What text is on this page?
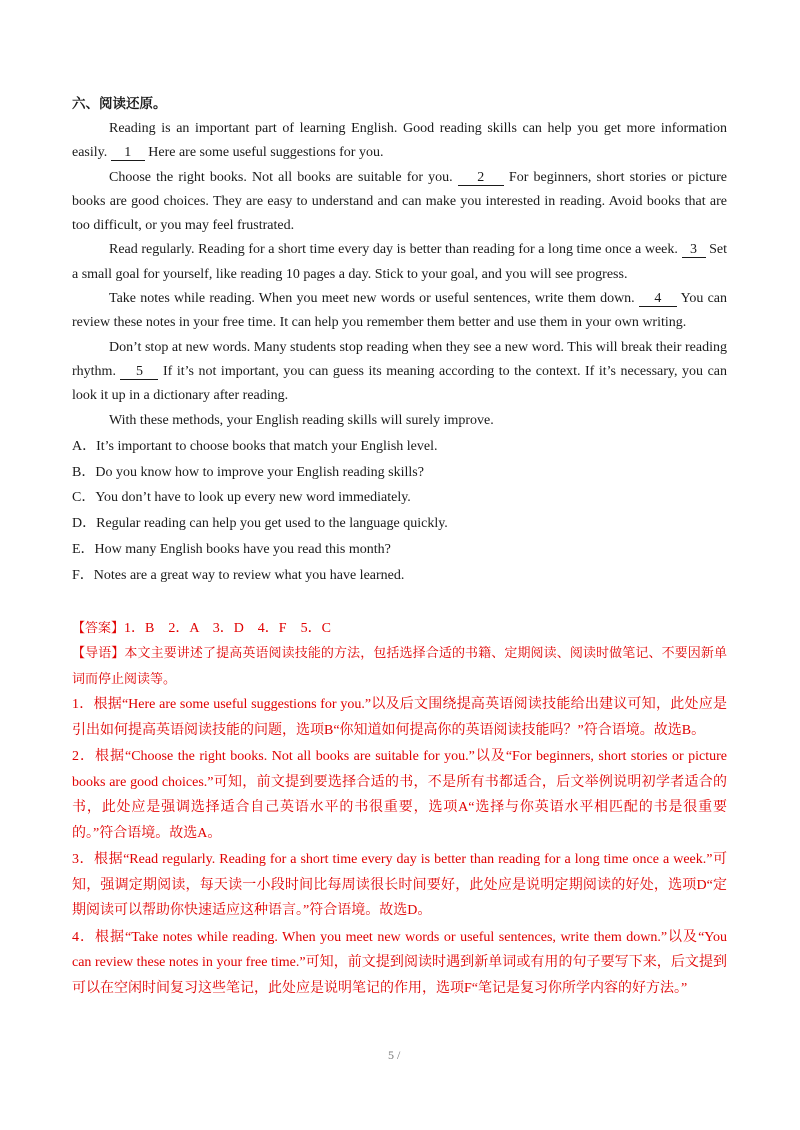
六、阅读还原。

Reading is an important part of learning English. Good reading skills can help you get more information easily. 1 Here are some useful suggestions for you.

Choose the right books. Not all books are suitable for you. 2 For beginners, short stories or picture books are good choices. They are easy to understand and can make you interested in reading. Avoid books that are too difficult, or you may feel frustrated.

Read regularly. Reading for a short time every day is better than reading for a long time once a week. 3 Set a small goal for yourself, like reading 10 pages a day. Stick to your goal, and you will see progress.

Take notes while reading. When you meet new words or useful sentences, write them down. 4 You can review these notes in your free time. It can help you remember them better and use them in your own writing.

Don’t stop at new words. Many students stop reading when they see a new word. This will break their reading rhythm. 5 If it’s not important, you can guess its meaning according to the context. If it’s necessary, you can look it up in a dictionary after reading.

With these methods, your English reading skills will surely improve.

A．It’s important to choose books that match your English level.

B．Do you know how to improve your English reading skills?

C．You don’t have to look up every new word immediately.

D．Regular reading can help you get used to the language quickly.

E．How many English books have you read this month?

F．Notes are a great way to review what you have learned.

【答案】1．B　2．A　3．D　4．F　5．C

【导语】本文主要讲述了提高英语阅读技能的方法，包括选择合适的书籍、定期阅读、阅读时做笔记、不要因新单词而停止阅读等。

1．根据“Here are some useful suggestions for you.”以及后文围绕提高英语阅读技能给出建议可知，此处应是引出如何提高英语阅读技能的问题，选项B“你知道如何提高你的英语阅读技能吗？”符合语境。故选B。

2．根据“Choose the right books. Not all books are suitable for you.”以及“For beginners, short stories or picture books are good choices.”可知，前文提到要选择合适的书，不是所有书都适合，后文举例说明初学者适合的书，此处应是强调选择适合自己英语水平的书很重要，选项A“选择与你英语水平相匹配的书是很重要的。”符合语境。故选A。

3．根据“Read regularly. Reading for a short time every day is better than reading for a long time once a week.”可知，强调定期阅读，每天读一小段时间比每周读很长时间要好，此处应是说明定期阅读的好处，选项D“定期阅读可以帮助你快速适应这种语言。”符合语境。故选D。

4．根据“Take notes while reading. When you meet new words or useful sentences, write them down.”以及“You can review these notes in your free time.”可知，前文提到阅读时遇到新单词或有用的句子要写下来，后文提到可以在空闲时间复习这些笔记，此处应是说明笔记的作用，选项F“笔记是复习你所学内容的好方法。”

5 /
